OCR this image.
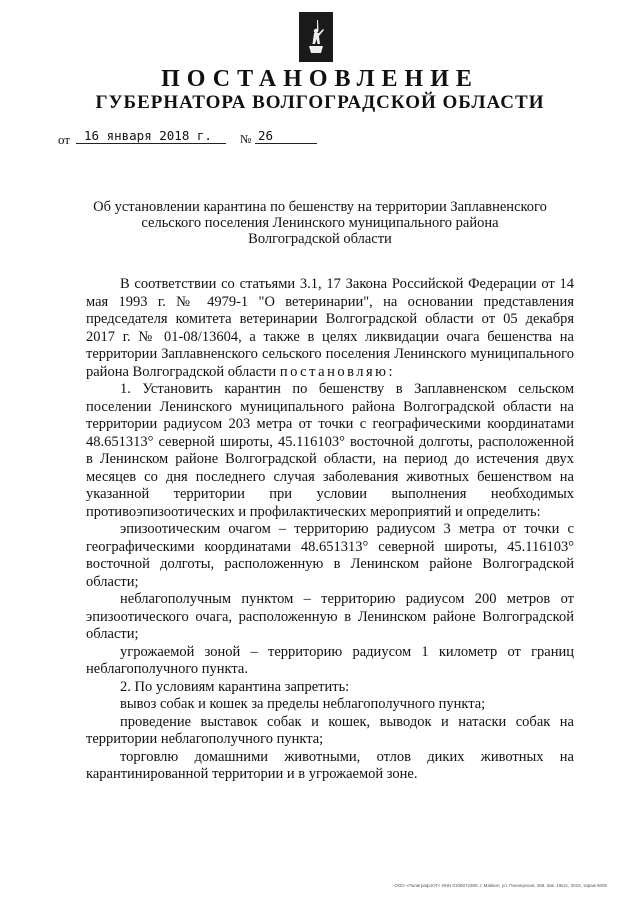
ПОСТАНОВЛЕНИЕ
ГУБЕРНАТОРА ВОЛГОГРАДСКОЙ ОБЛАСТИ
от	16 января 2018 г.	№ 26
Об установлении карантина по бешенству на территории Заплавненского
сельского поселения Ленинского муниципального района
Волгоградской области

В соответствии со статьями 3.1, 17 Закона Российской Федерации от 14 мая 1993 г. № 4979-1 "О ветеринарии", на основании представления председателя комитета ветеринарии Волгоградской области от 05 декабря 2017 г. № 01-08/13604, а также в целях ликвидации очага бешенства на территории Заплавненского сельского поселения Ленинского муниципального района Волгоградской области постановляю:

1. Установить карантин по бешенству в Заплавненском сельском поселении Ленинского муниципального района Волгоградской области на территории радиусом 203 метра от точки с географическими координатами 48.651313° северной широты, 45.116103° восточной долготы, расположенной в Ленинском районе Волгоградской области, на период до истечения двух месяцев со дня последнего случая заболевания животных бешенством на указанной территории при условии выполнения необходимых противоэпизоотических и профилактических мероприятий и определить:

эпизоотическим очагом – территорию радиусом 3 метра от точки с географическими координатами 48.651313° северной широты, 45.116103° восточной долготы, расположенную в Ленинском районе Волгоградской области;

неблагополучным пунктом – территорию радиусом 200 метров от эпизоотического очага, расположенную в Ленинском районе Волгоградской области;

угрожаемой зоной – территорию радиусом 1 километр от границ неблагополучного пункта.

2. По условиям карантина запретить:

вывоз собак и кошек за пределы неблагополучного пункта;

проведение выставок собак и кошек, выводок и натаски собак на территории неблагополучного пункта;

торговлю домашними животными, отлов диких животных на карантинированной территории и в угрожаемой зоне.

ООО «Полиграф-ЮГ» ИНН 0105072309, г. Майкоп, ул. Пионерская, 268. Зак. 19к2с, 2015, тираж 5000
